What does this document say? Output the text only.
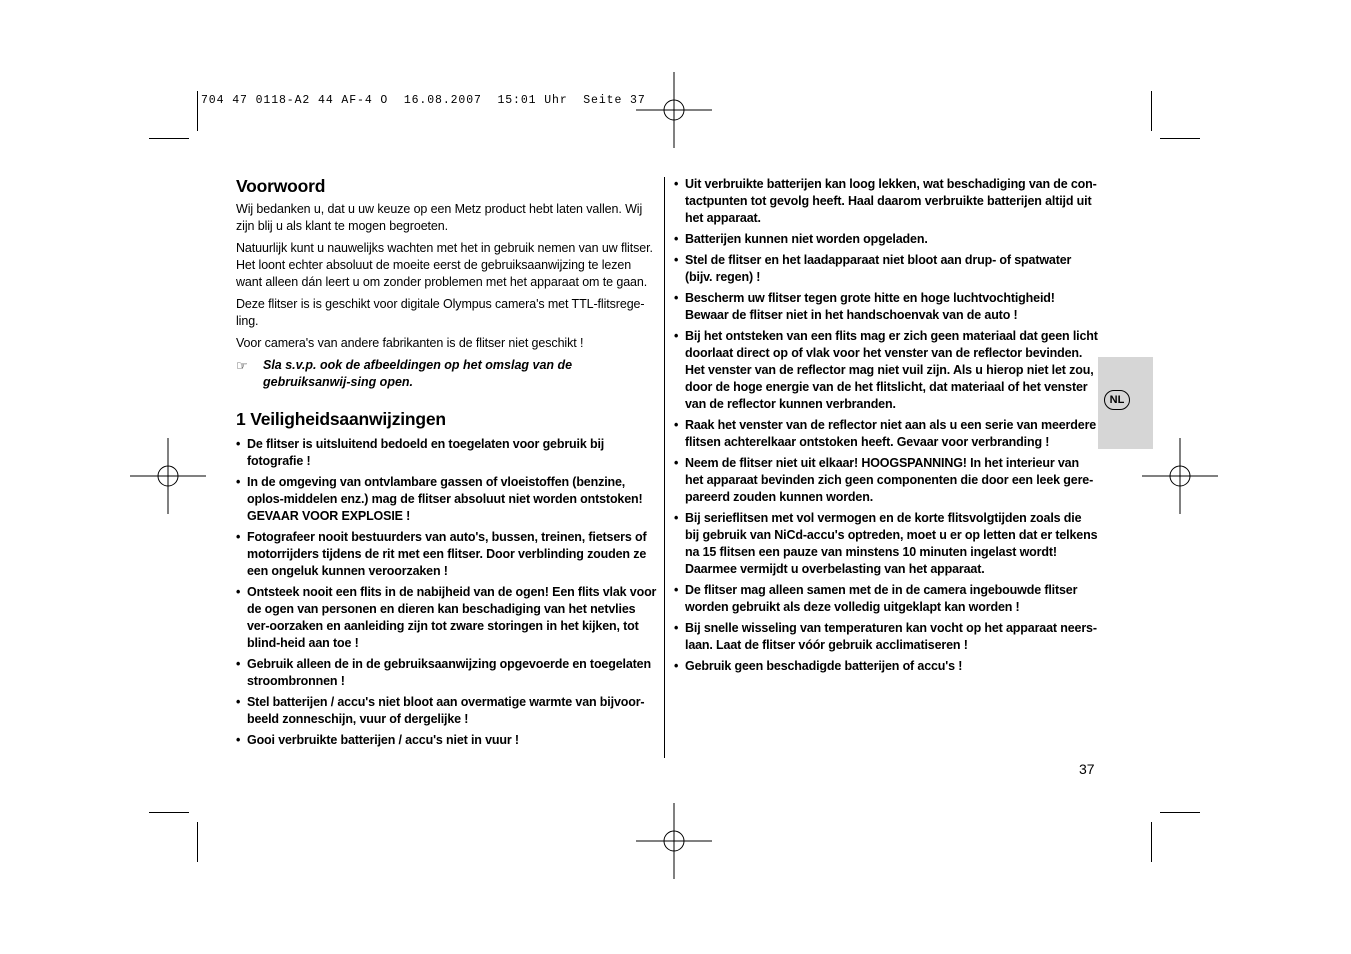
704 47 0118-A2 44 AF-4 O  16.08.2007  15:01 Uhr  Seite 37
Voorwoord

Wij bedanken u, dat u uw keuze op een Metz product hebt laten vallen. Wij zijn blij u als klant te mogen begroeten.

Natuurlijk kunt u nauwelijks wachten met het in gebruik nemen van uw flitser. Het loont echter absoluut de moeite eerst de gebruiksaanwijzing te lezen want alleen dán leert u om zonder problemen met het apparaat om te gaan.

Deze flitser is is geschikt voor digitale Olympus camera's met TTL-flitsrege-ling.

Voor camera's van andere fabrikanten is de flitser niet geschikt !

☞	Sla s.v.p. ook de afbeeldingen op het omslag van de gebruiksanwij-sing open.
1 Veiligheidsaanwijzingen
• De flitser is uitsluitend bedoeld en toegelaten voor gebruik bij fotografie !
• In de omgeving van ontvlambare gassen of vloeistoffen (benzine, oplos-middelen enz.) mag de flitser absoluut niet worden ontstoken! GEVAAR VOOR EXPLOSIE !
• Fotografeer nooit bestuurders van auto's, bussen, treinen, fietsers of motorrijders tijdens de rit met een flitser. Door verblinding zouden ze een ongeluk kunnen veroorzaken !
• Ontsteek nooit een flits in de nabijheid van de ogen! Een flits vlak voor de ogen van personen en dieren kan beschadiging van het netvlies ver-oorzaken en aanleiding zijn tot zware storingen in het kijken, tot blind-heid aan toe !
• Gebruik alleen de in de gebruiksaanwijzing opgevoerde en toegelaten stroombronnen !
• Stel batterijen / accu's niet bloot aan overmatige warmte van bijvoor-beeld zonneschijn, vuur of dergelijke !
• Gooi verbruikte batterijen / accu's niet in vuur !
• Uit verbruikte batterijen kan loog lekken, wat beschadiging van de con-tactpunten tot gevolg heeft. Haal daarom verbruikte batterijen altijd uit het apparaat.
• Batterijen kunnen niet worden opgeladen.
• Stel de flitser en het laadapparaat niet bloot aan drup- of spatwater (bijv. regen) !
• Bescherm uw flitser tegen grote hitte en hoge luchtvochtigheid! Bewaar de flitser niet in het handschoenvak van de auto !
• Bij het ontsteken van een flits mag er zich geen materiaal dat geen licht doorlaat direct op of vlak voor het venster van de reflector bevinden. Het venster van de reflector mag niet vuil zijn. Als u hierop niet let zou, door de hoge energie van de het flitslicht, dat materiaal of het venster van de reflector kunnen verbranden.
• Raak het venster van de reflector niet aan als u een serie van meerdere flitsen achterelkaar ontstoken heeft. Gevaar voor verbranding !
• Neem de flitser niet uit elkaar! HOOGSPANNING! In het interieur van het apparaat bevinden zich geen componenten die door een leek gere-pareerd zouden kunnen worden.
• Bij serieflitsen met vol vermogen en de korte flitsvolgtijden zoals die bij gebruik van NiCd-accu's optreden, moet u er op letten dat er telkens na 15 flitsen een pauze van minstens 10 minuten ingelast wordt! Daarmee vermijdt u overbelasting van het apparaat.
• De flitser mag alleen samen met de in de camera ingebouwde flitser worden gebruikt als deze volledig uitgeklapt kan worden !
• Bij snelle wisseling van temperaturen kan vocht op het apparaat neers-laan. Laat de flitser vóór gebruik acclimatiseren !
• Gebruik geen beschadigde batterijen of accu's !
NL
37
